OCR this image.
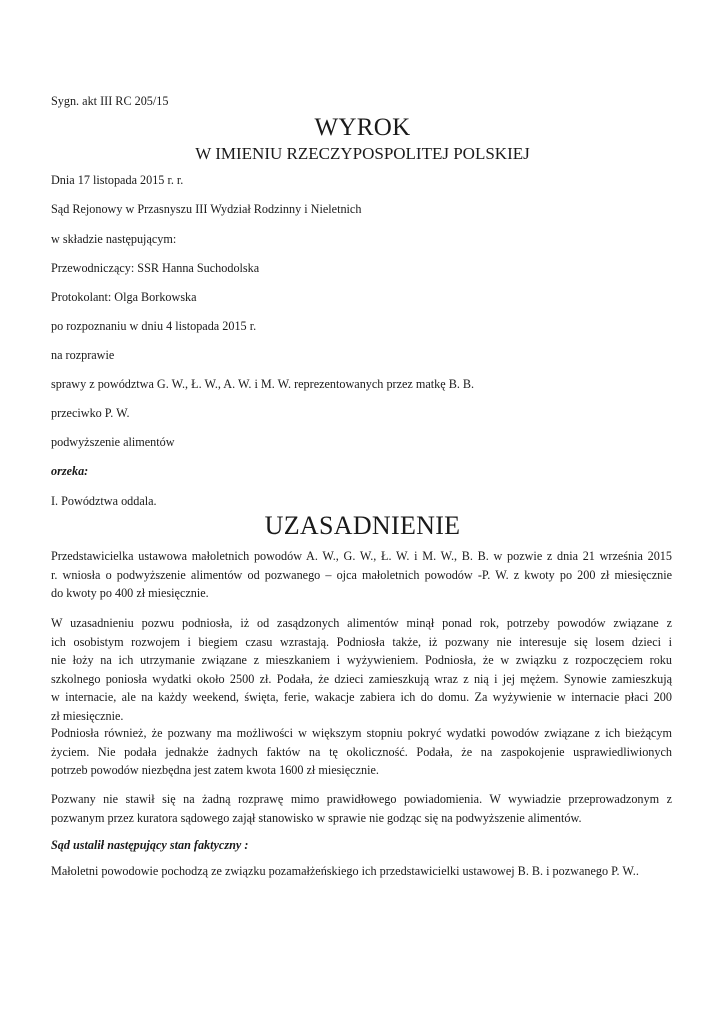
Sygn. akt III RC 205/15
WYROK
W IMIENIU RZECZYPOSPOLITEJ POLSKIEJ
Dnia 17 listopada 2015 r. r.
Sąd Rejonowy w Przasnyszu III Wydział Rodzinny i Nieletnich
w składzie następującym:
Przewodniczący: SSR Hanna Suchodolska
Protokolant: Olga Borkowska
po rozpoznaniu w dniu 4 listopada 2015 r.
na rozprawie
sprawy z powództwa G. W., Ł. W., A. W. i M. W. reprezentowanych przez matkę B. B.
przeciwko P. W.
podwyższenie alimentów
orzeka:
I. Powództwa oddala.
UZASADNIENIE
Przedstawicielka ustawowa małoletnich powodów A. W., G. W., Ł. W. i M. W., B. B. w pozwie z dnia 21 września 2015
r. wniosła o podwyższenie alimentów od pozwanego – ojca małoletnich powodów -P. W. z kwoty po 200 zł miesięcznie
do kwoty po 400 zł miesięcznie.
W uzasadnieniu pozwu podniosła, iż od zasądzonych alimentów minął ponad rok, potrzeby powodów związane z
ich osobistym rozwojem i biegiem czasu wzrastają. Podniosła także, iż pozwany nie interesuje się losem dzieci i
nie łoży na ich utrzymanie związane z mieszkaniem i wyżywieniem. Podniosła, że w związku z rozpoczęciem roku
szkolnego poniosła wydatki około 2500 zł. Podała, że dzieci zamieszkują wraz z nią i jej mężem. Synowie zamieszkują
w internacie, ale na każdy weekend, święta, ferie, wakacje zabiera ich do domu. Za wyżywienie w internacie płaci 200
zł miesięcznie.
Podniosła również, że pozwany ma możliwości w większym stopniu pokryć wydatki powodów związane z ich bieżącym
życiem. Nie podała jednakże żadnych faktów na tę okoliczność. Podała, że na zaspokojenie usprawiedliwionych
potrzeb powodów niezbędna jest zatem kwota 1600 zł miesięcznie.
Pozwany nie stawił się na żadną rozprawę mimo prawidłowego powiadomienia. W wywiadzie przeprowadzonym z
pozwanym przez kuratora sądowego zajął stanowisko w sprawie nie godząc się na podwyższenie alimentów.
Sąd ustalił następujący stan faktyczny :
Małoletni powodowie pochodzą ze związku pozamałżeńskiego ich przedstawicielki ustawowej B. B. i pozwanego P. W..
